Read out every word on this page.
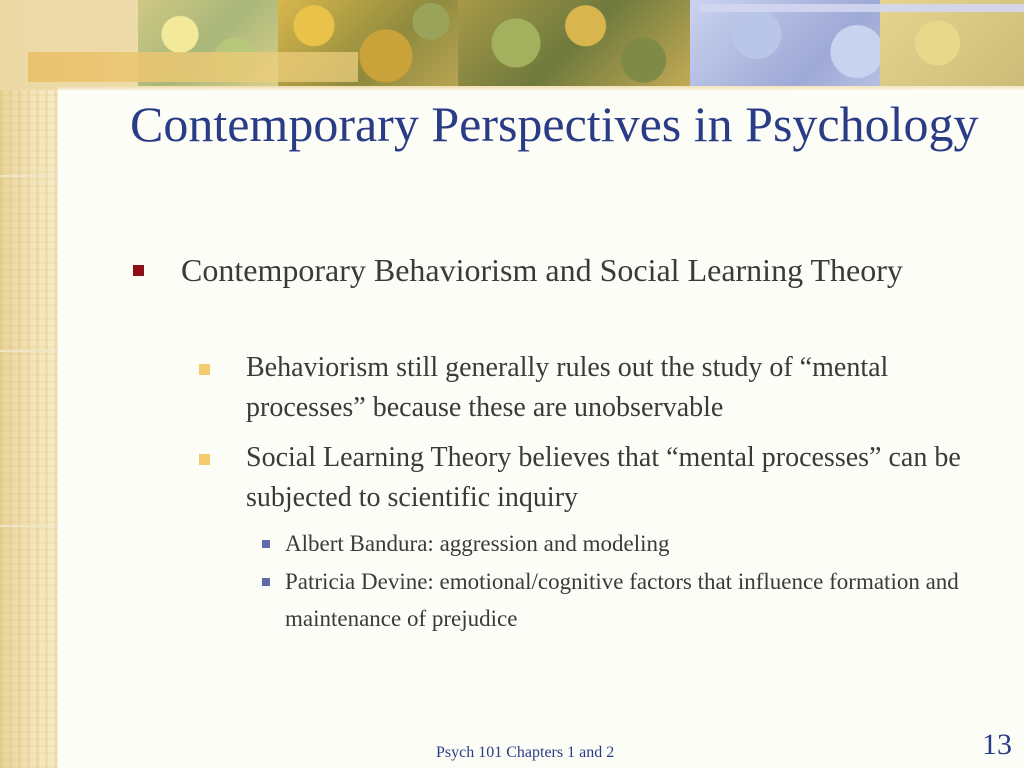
Contemporary Perspectives in Psychology
Contemporary Behaviorism and Social Learning Theory
Behaviorism still generally rules out the study of “mental processes” because these are unobservable
Social Learning Theory believes that “mental processes” can be subjected to scientific inquiry
Albert Bandura: aggression and modeling
Patricia Devine: emotional/cognitive factors that influence formation and maintenance of prejudice
Psych 101 Chapters 1 and 2	13
